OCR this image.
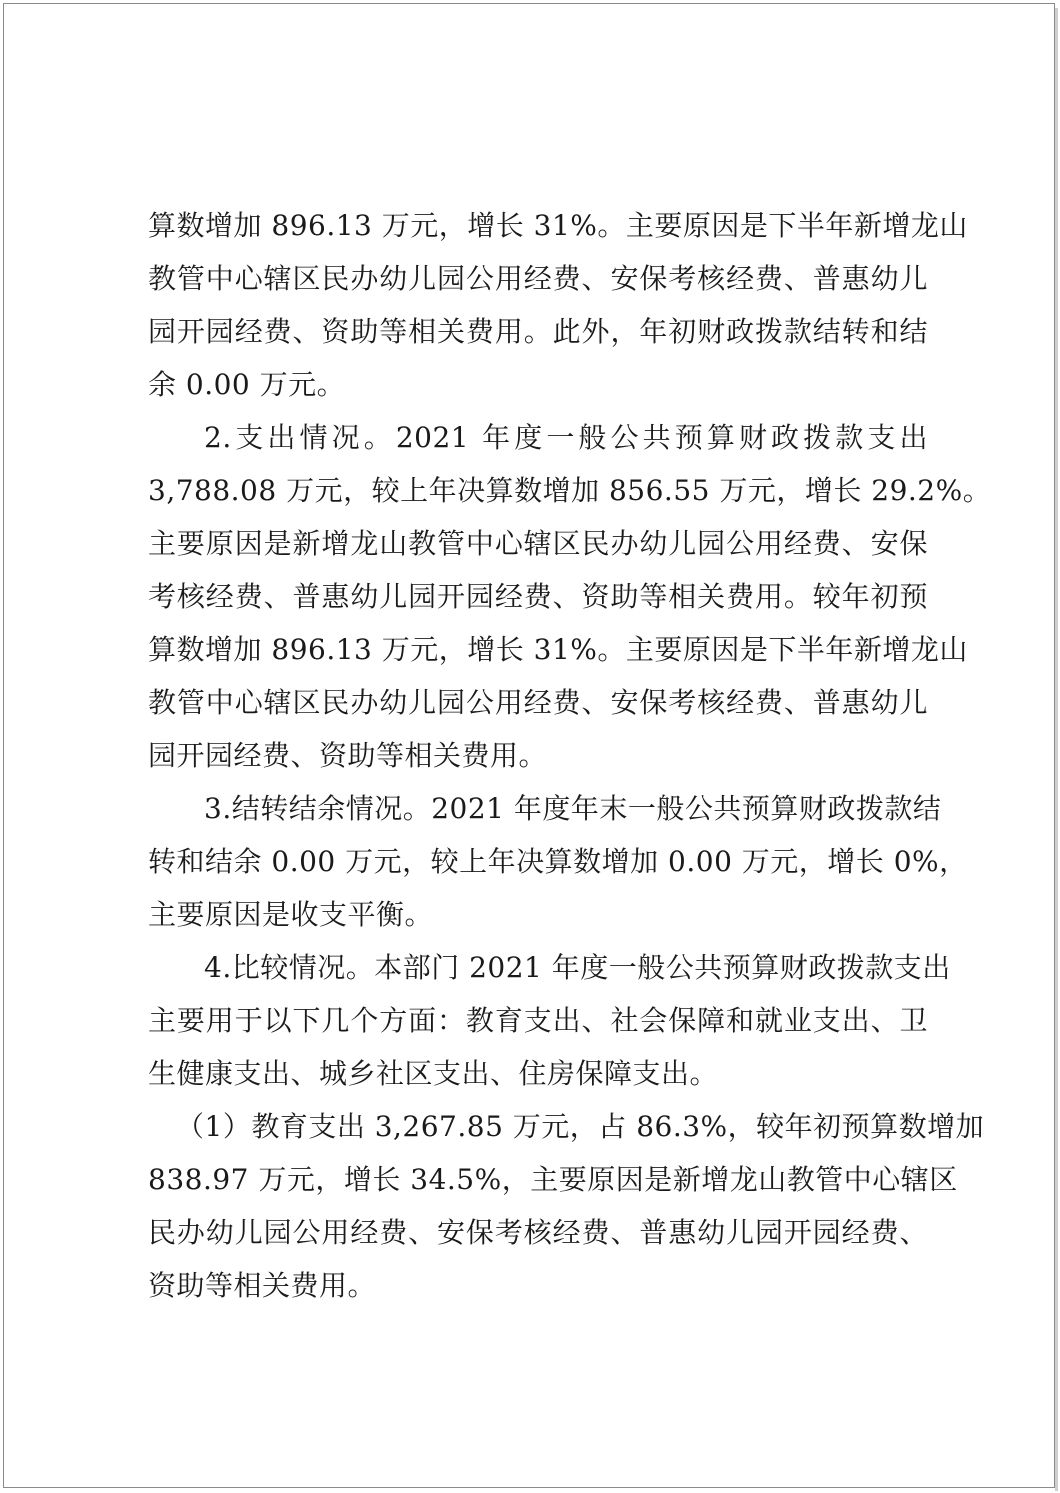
算数增加 896.13 万元，增长 31%。主要原因是下半年新增龙山
教管中心辖区民办幼儿园公用经费、安保考核经费、普惠幼儿
园开园经费、资助等相关费用。此外，年初财政拨款结转和结
余 0.00 万元。
2.支出情况。2021 年度一般公共预算财政拨款支出
3,788.08 万元，较上年决算数增加 856.55 万元，增长 29.2%。
主要原因是新增龙山教管中心辖区民办幼儿园公用经费、安保
考核经费、普惠幼儿园开园经费、资助等相关费用。较年初预
算数增加 896.13 万元，增长 31%。主要原因是下半年新增龙山
教管中心辖区民办幼儿园公用经费、安保考核经费、普惠幼儿
园开园经费、资助等相关费用。
3.结转结余情况。2021 年度年末一般公共预算财政拨款结
转和结余 0.00 万元，较上年决算数增加 0.00 万元，增长 0%，
主要原因是收支平衡。
4.比较情况。本部门 2021 年度一般公共预算财政拨款支出
主要用于以下几个方面：教育支出、社会保障和就业支出、卫
生健康支出、城乡社区支出、住房保障支出。
（1）教育支出 3,267.85 万元，占 86.3%，较年初预算数增加
838.97 万元，增长 34.5%，主要原因是新增龙山教管中心辖区
民办幼儿园公用经费、安保考核经费、普惠幼儿园开园经费、
资助等相关费用。
